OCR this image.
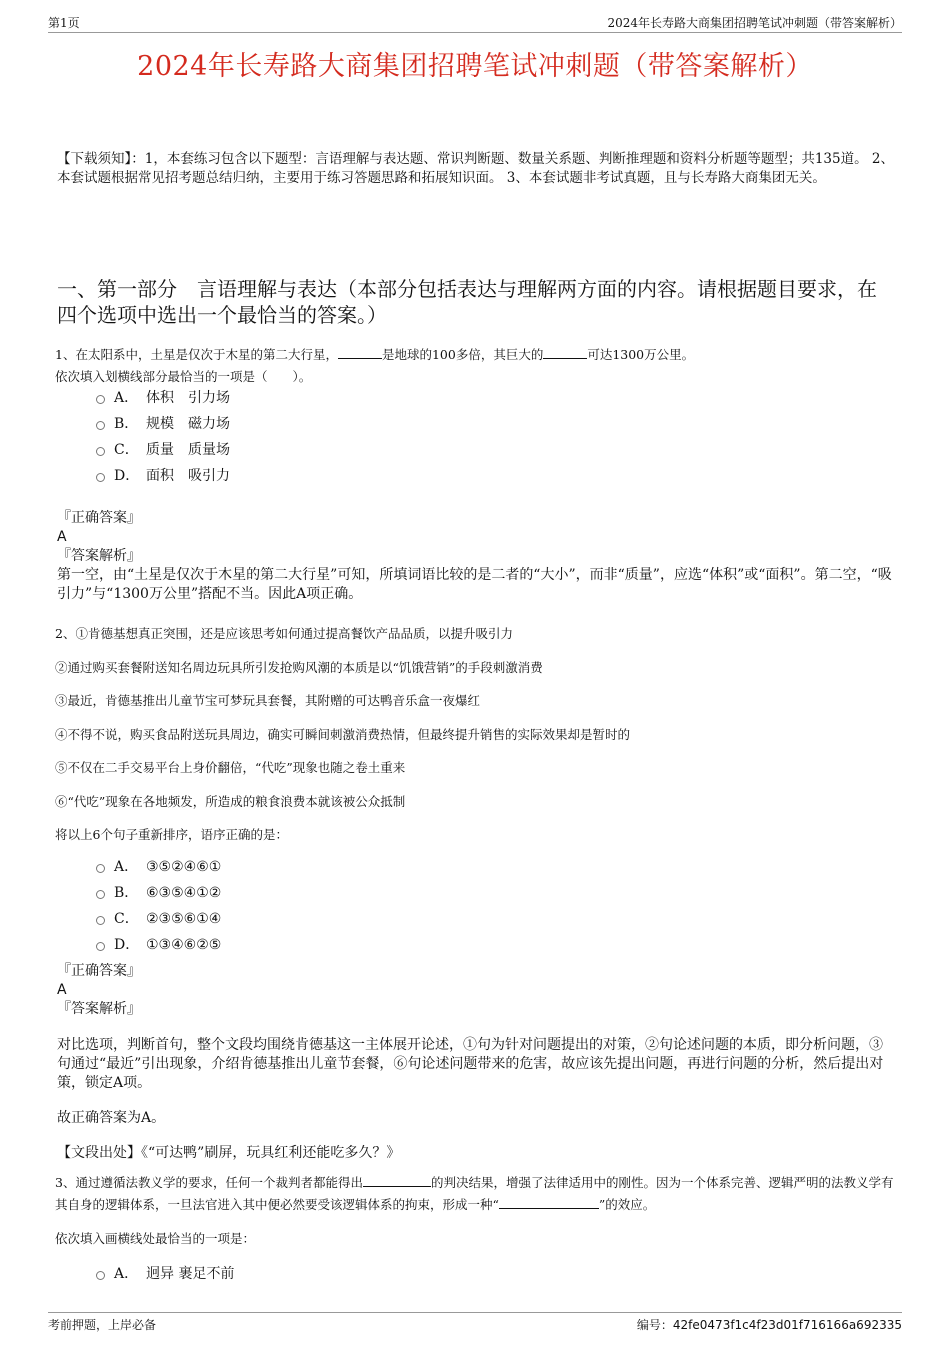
第1页	2024年长寿路大商集团招聘笔试冲刺题（带答案解析）
2024年长寿路大商集团招聘笔试冲刺题（带答案解析）
【下载须知】：1，本套练习包含以下题型：言语理解与表达题、常识判断题、数量关系题、判断推理题和资料分析题等题型；共135道。 2、本套试题根据常见招考题总结归纳，主要用于练习答题思路和拓展知识面。 3、本套试题非考试真题，且与长寿路大商集团无关。
一、第一部分　言语理解与表达（本部分包括表达与理解两方面的内容。请根据题目要求，在四个选项中选出一个最恰当的答案。）
1、在太阳系中，土星是仅次于木星的第二大行星，	是地球的100多倍，其巨大的	可达1300万公里。
依次填入划横线部分最恰当的一项是（　　）。
A． 体积　引力场
B． 规模　磁力场
C． 质量　质量场
D． 面积　吸引力
『正确答案』
A
『答案解析』
第一空，由“土星是仅次于木星的第二大行星”可知，所填词语比较的是二者的“大小”，而非“质量”，应选“体积”或“面积”。第二空，“吸引力”与“1300万公里”搭配不当。因此A项正确。
2、①肯德基想真正突围，还是应该思考如何通过提高餐饮产品品质，以提升吸引力
②通过购买套餐附送知名周边玩具所引发抢购风潮的本质是以“饥饿营销”的手段刺激消费
③最近，肯德基推出儿童节宝可梦玩具套餐，其附赠的可达鸭音乐盒一夜爆红
④不得不说，购买食品附送玩具周边，确实可瞬间刺激消费热情，但最终提升销售的实际效果却是暂时的
⑤不仅在二手交易平台上身价翻倍，“代吃”现象也随之卷土重来
⑥“代吃”现象在各地频发，所造成的粮食浪费本就该被公众抵制
将以上6个句子重新排序，语序正确的是：
A． ③⑤②④⑥①
B． ⑥③⑤④①②
C． ②③⑤⑥①④
D． ①③④⑥②⑤
『正确答案』
A
『答案解析』
对比选项，判断首句，整个文段均围绕肯德基这一主体展开论述，①句为针对问题提出的对策，②句论述问题的本质，即分析问题，③句通过“最近”引出现象，介绍肯德基推出儿童节套餐，⑥句论述问题带来的危害，故应该先提出问题，再进行问题的分析，然后提出对策，锁定A项。
故正确答案为A。
【文段出处】《“可达鸭”刷屏，玩具红利还能吃多久？》
3、通过遵循法教义学的要求，任何一个裁判者都能得出	的判决结果，增强了法律适用中的刚性。因为一个体系完善、逻辑严明的法教义学有其自身的逻辑体系，一旦法官进入其中便必然要受该逻辑体系的拘束，形成一种“	”的效应。
依次填入画横线处最恰当的一项是：
A． 迥异 裹足不前
考前押题，上岸必备	编号：42fe0473f1c4f23d01f716166a692335
